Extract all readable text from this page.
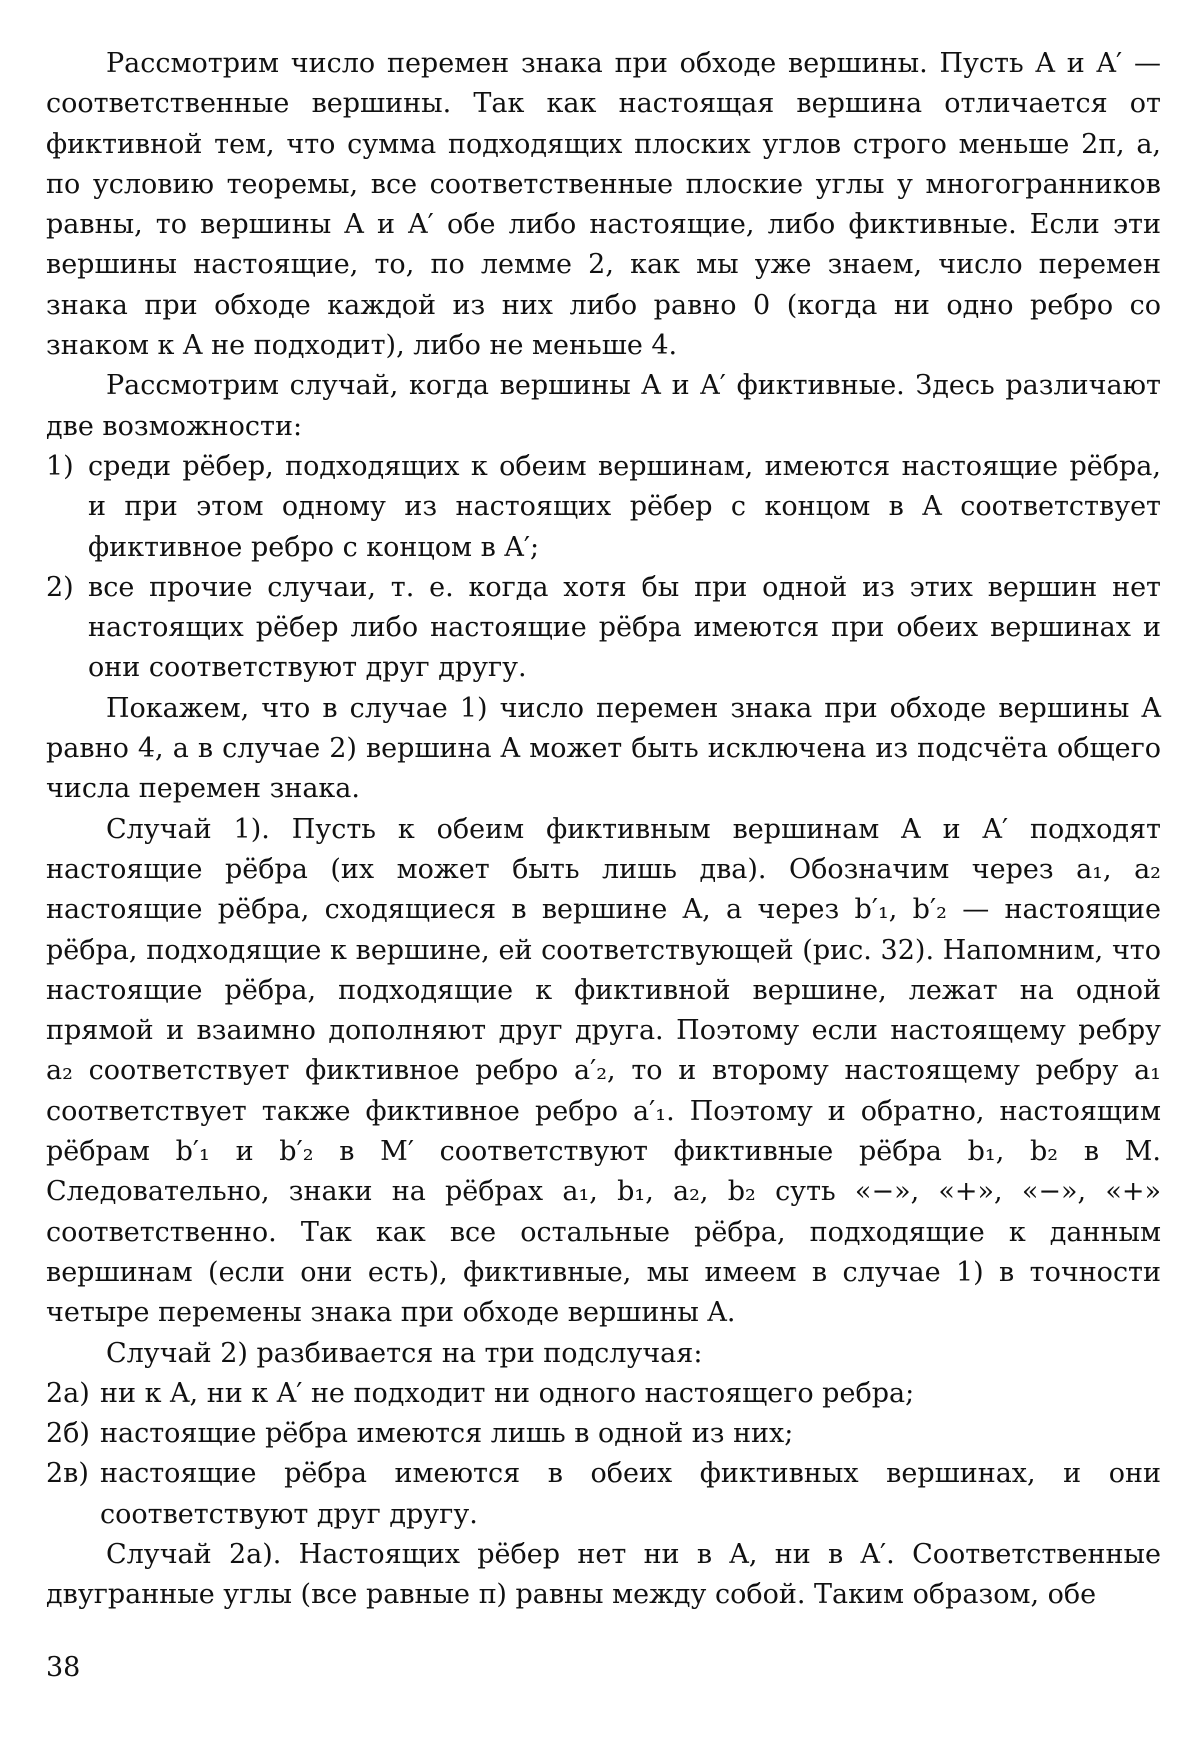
Рассмотрим число перемен знака при обходе вершины. Пусть A и A′ — соответственные вершины. Так как настоящая вершина отличается от фиктивной тем, что сумма подходящих плоских углов строго меньше 2π, а, по условию теоремы, все соответственные плоские углы у многогранников равны, то вершины A и A′ обе либо настоящие, либо фиктивные. Если эти вершины настоящие, то, по лемме 2, как мы уже знаем, число перемен знака при обходе каждой из них либо равно 0 (когда ни одно ребро со знаком к A не подходит), либо не меньше 4.

Рассмотрим случай, когда вершины A и A′ фиктивные. Здесь различают две возможности:

1) среди рёбер, подходящих к обеим вершинам, имеются настоящие рёбра, и при этом одному из настоящих рёбер с концом в A соответствует фиктивное ребро с концом в A′;
2) все прочие случаи, т. е. когда хотя бы при одной из этих вершин нет настоящих рёбер либо настоящие рёбра имеются при обеих вершинах и они соответствуют друг другу.

Покажем, что в случае 1) число перемен знака при обходе вершины A равно 4, а в случае 2) вершина A может быть исключена из подсчёта общего числа перемен знака.

Случай 1). Пусть к обеим фиктивным вершинам A и A′ подходят настоящие рёбра (их может быть лишь два). Обозначим через a₁, a₂ настоящие рёбра, сходящиеся в вершине A, а через b′₁, b′₂ — настоящие рёбра, подходящие к вершине, ей соответствующей (рис. 32). Напомним, что настоящие рёбра, подходящие к фиктивной вершине, лежат на одной прямой и взаимно дополняют друг друга. Поэтому если настоящему ребру a₂ соответствует фиктивное ребро a′₂, то и второму настоящему ребру a₁ соответствует также фиктивное ребро a′₁. Поэтому и обратно, настоящим рёбрам b′₁ и b′₂ в M′ соответствуют фиктивные рёбра b₁, b₂ в M. Следовательно, знаки на рёбрах a₁, b₁, a₂, b₂ суть «−», «+», «−», «+» соответственно. Так как все остальные рёбра, подходящие к данным вершинам (если они есть), фиктивные, мы имеем в случае 1) в точности четыре перемены знака при обходе вершины A.

Случай 2) разбивается на три подслучая:

2а) ни к A, ни к A′ не подходит ни одного настоящего ребра;
2б) настоящие рёбра имеются лишь в одной из них;
2в) настоящие рёбра имеются в обеих фиктивных вершинах, и они соответствуют друг другу.

Случай 2а). Настоящих рёбер нет ни в A, ни в A′. Соответственные двугранные углы (все равные π) равны между собой. Таким образом, обе

38
